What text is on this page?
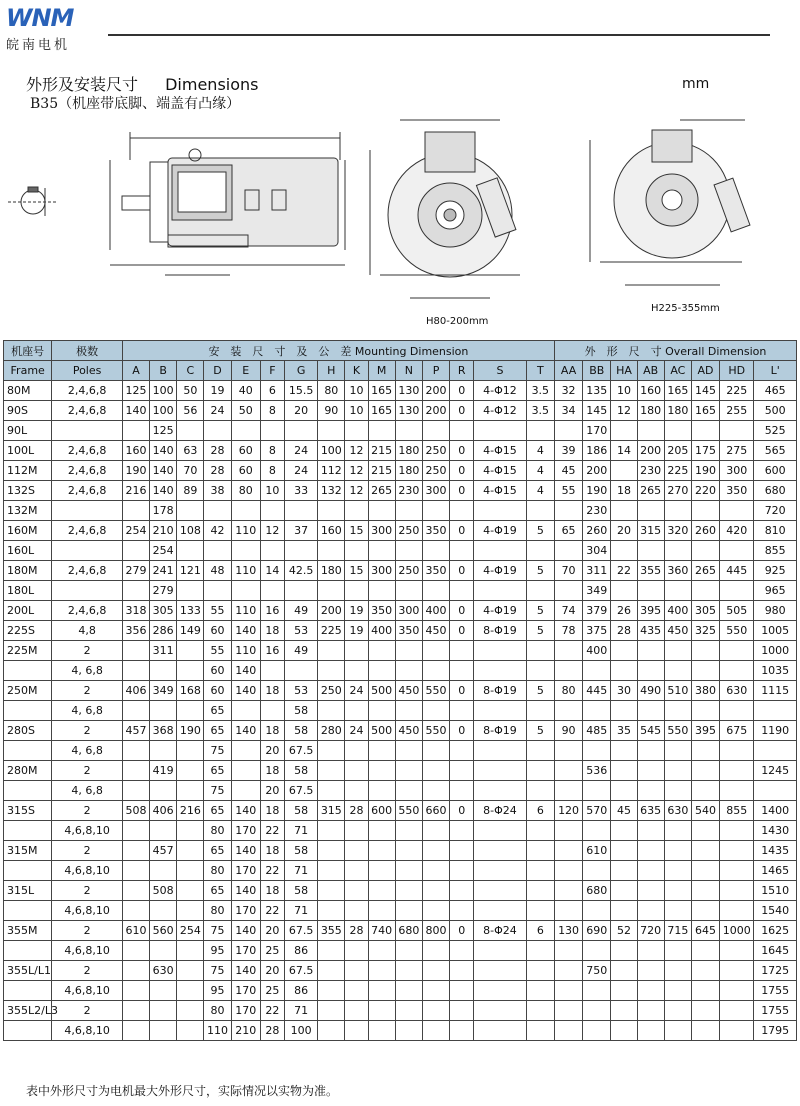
WNM
皖南电机
外形及安装尺寸 Dimensions
B35（机座带底脚、端盖有凸缘）
mm
H80-200mm
H225-355mm
机座号	极数	安　装　尺　寸　及　公　差 Mounting Dimension															外　形　尺　寸 Overall Dimension							
Frame	Poles	A	B	C	D	E	F	G	H	K	M	N	P	R	S	T	AA	BB	HA	AB	AC	AD	HD	L'
80M	2,4,6,8	125	100	50	19	40	6	15.5	80	10	165	130	200	0	4-Φ12	3.5	32	135	10	160	165	145	225	465
90S	2,4,6,8	140	100	56	24	50	8	20	90	10	165	130	200	0	4-Φ12	3.5	34	145	12	180	180	165	255	500
90L			125															170						525
100L	2,4,6,8	160	140	63	28	60	8	24	100	12	215	180	250	0	4-Φ15	4	39	186	14	200	205	175	275	565
112M	2,4,6,8	190	140	70	28	60	8	24	112	12	215	180	250	0	4-Φ15	4	45	200		230	225	190	300	600
132S	2,4,6,8	216	140	89	38	80	10	33	132	12	265	230	300	0	4-Φ15	4	55	190	18	265	270	220	350	680
132M			178															230						720
160M	2,4,6,8	254	210	108	42	110	12	37	160	15	300	250	350	0	4-Φ19	5	65	260	20	315	320	260	420	810
160L			254															304						855
180M	2,4,6,8	279	241	121	48	110	14	42.5	180	15	300	250	350	0	4-Φ19	5	70	311	22	355	360	265	445	925
180L			279															349						965
200L	2,4,6,8	318	305	133	55	110	16	49	200	19	350	300	400	0	4-Φ19	5	74	379	26	395	400	305	505	980
225S	4,8	356	286	149	60	140	18	53	225	19	400	350	450	0	8-Φ19	5	78	375	28	435	450	325	550	1005
225M	2		311		55	110	16	49										400						1000
	4, 6,8				60	140																		1035
250M	2	406	349	168	60	140	18	53	250	24	500	450	550	0	8-Φ19	5	80	445	30	490	510	380	630	1115
	4, 6,8				65			58																
280S	2	457	368	190	65	140	18	58	280	24	500	450	550	0	8-Φ19	5	90	485	35	545	550	395	675	1190
	4, 6,8				75		20	67.5																
280M	2		419		65		18	58										536						1245
	4, 6,8				75		20	67.5																
315S	2	508	406	216	65	140	18	58	315	28	600	550	660	0	8-Φ24	6	120	570	45	635	630	540	855	1400
	4,6,8,10				80	170	22	71																1430
315M	2		457		65	140	18	58										610						1435
	4,6,8,10				80	170	22	71																1465
315L	2		508		65	140	18	58										680						1510
	4,6,8,10				80	170	22	71																1540
355M	2	610	560	254	75	140	20	67.5	355	28	740	680	800	0	8-Φ24	6	130	690	52	720	715	645	1000	1625
	4,6,8,10				95	170	25	86																1645
355L/L1	2		630		75	140	20	67.5										750						1725
	4,6,8,10				95	170	25	86																1755
355L2/L3	2				80	170	22	71																1755
	4,6,8,10				110	210	28	100																1795
表中外形尺寸为电机最大外形尺寸，实际情况以实物为准。
